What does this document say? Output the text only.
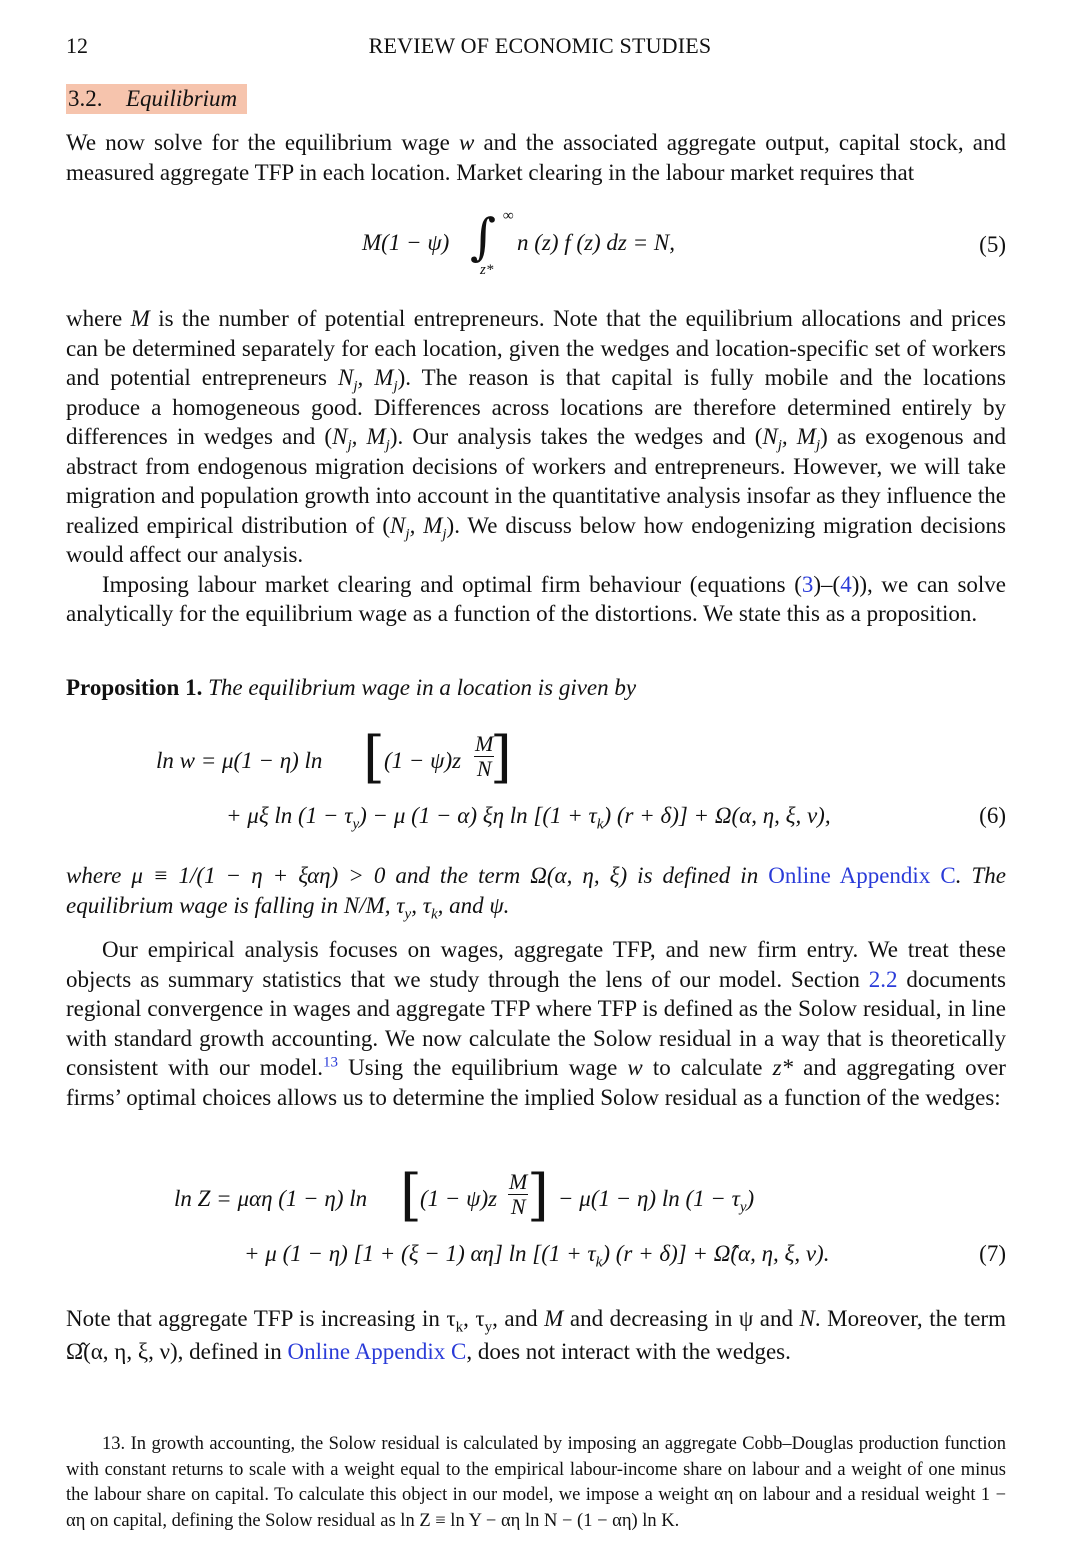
12	REVIEW OF ECONOMIC STUDIES
3.2. Equilibrium

We now solve for the equilibrium wage w and the associated aggregate output, capital stock, and measured aggregate TFP in each location. Market clearing in the labour market requires that

M(1 − ψ) ∫ ∞
z*
n (z) f (z) dz = N,	(5)

where M is the number of potential entrepreneurs. Note that the equilibrium allocations and prices can be determined separately for each location, given the wedges and location-specific set of workers and potential entrepreneurs $N_j$, $M_j$). The reason is that capital is fully mobile and the locations produce a homogeneous good. Differences across locations are therefore determined entirely by differences in wedges and ($N_j$, $M_j$). Our analysis takes the wedges and ($N_j$, $M_j$) as exogenous and abstract from endogenous migration decisions of workers and entrepreneurs. However, we will take migration and population growth into account in the quantitative analysis insofar as they influence the realized empirical distribution of ($N_j$, $M_j$). We discuss below how endogenizing migration decisions would affect our analysis.

Imposing labour market clearing and optimal firm behaviour (equations (3)–(4)), we can solve analytically for the equilibrium wage as a function of the distortions. We state this as a proposition.

Proposition 1. The equilibrium wage in a location is given by

ln w = μ(1 − η) ln [ $(1 - \psi)z \frac{M}{N}$
]
+ μξ $\ln (1 - \tau_y) - \mu$ (1 − α) ξη $\ln [(1 + \tau_k)$ (r + δ)] + Ω(α, η, ξ, ν),	(6)

where μ ≡ 1/(1 − η + ξαη) > 0 and the term Ω(α, η, ξ) is defined in Online Appendix C. The equilibrium wage is falling in N/M, $\tau_y$, $\tau_k$, and ψ.

Our empirical analysis focuses on wages, aggregate TFP, and new firm entry. We treat these objects as summary statistics that we study through the lens of our model. Section 2.2 documents regional convergence in wages and aggregate TFP where TFP is defined as the Solow residual, in line with standard growth accounting. We now calculate the Solow residual in a way that is theoretically consistent with our model.$^{13}$ Using the equilibrium wage w to calculate z* and aggregating over firms’ optimal choices allows us to determine the implied Solow residual as a function of the wedges:

ln Z = μαη (1 − η) ln [
$(1 - \psi)z \frac{M}{N}$
] − μ(1 − η) $\ln (1 - \tau_y)$
+ μ (1 − η) [1 + (ξ − 1) αη] $\ln [(1 + \tau_k)$ (r + δ)] + Ω̂(α, η, ξ, ν).	(7)

Note that aggregate TFP is increasing in $\tau_k$, $\tau_y$, and M and decreasing in ψ and N. Moreover, the term Ω̂(α, η, ξ, ν), defined in Online Appendix C, does not interact with the wedges.

13. In growth accounting, the Solow residual is calculated by imposing an aggregate Cobb–Douglas production function with constant returns to scale with a weight equal to the empirical labour-income share on labour and a weight of one minus the labour share on capital. To calculate this object in our model, we impose a weight αη on labour and a residual weight 1 − αη on capital, defining the Solow residual as ln Z ≡ ln Y − αη ln N − (1 − αη) ln K.
